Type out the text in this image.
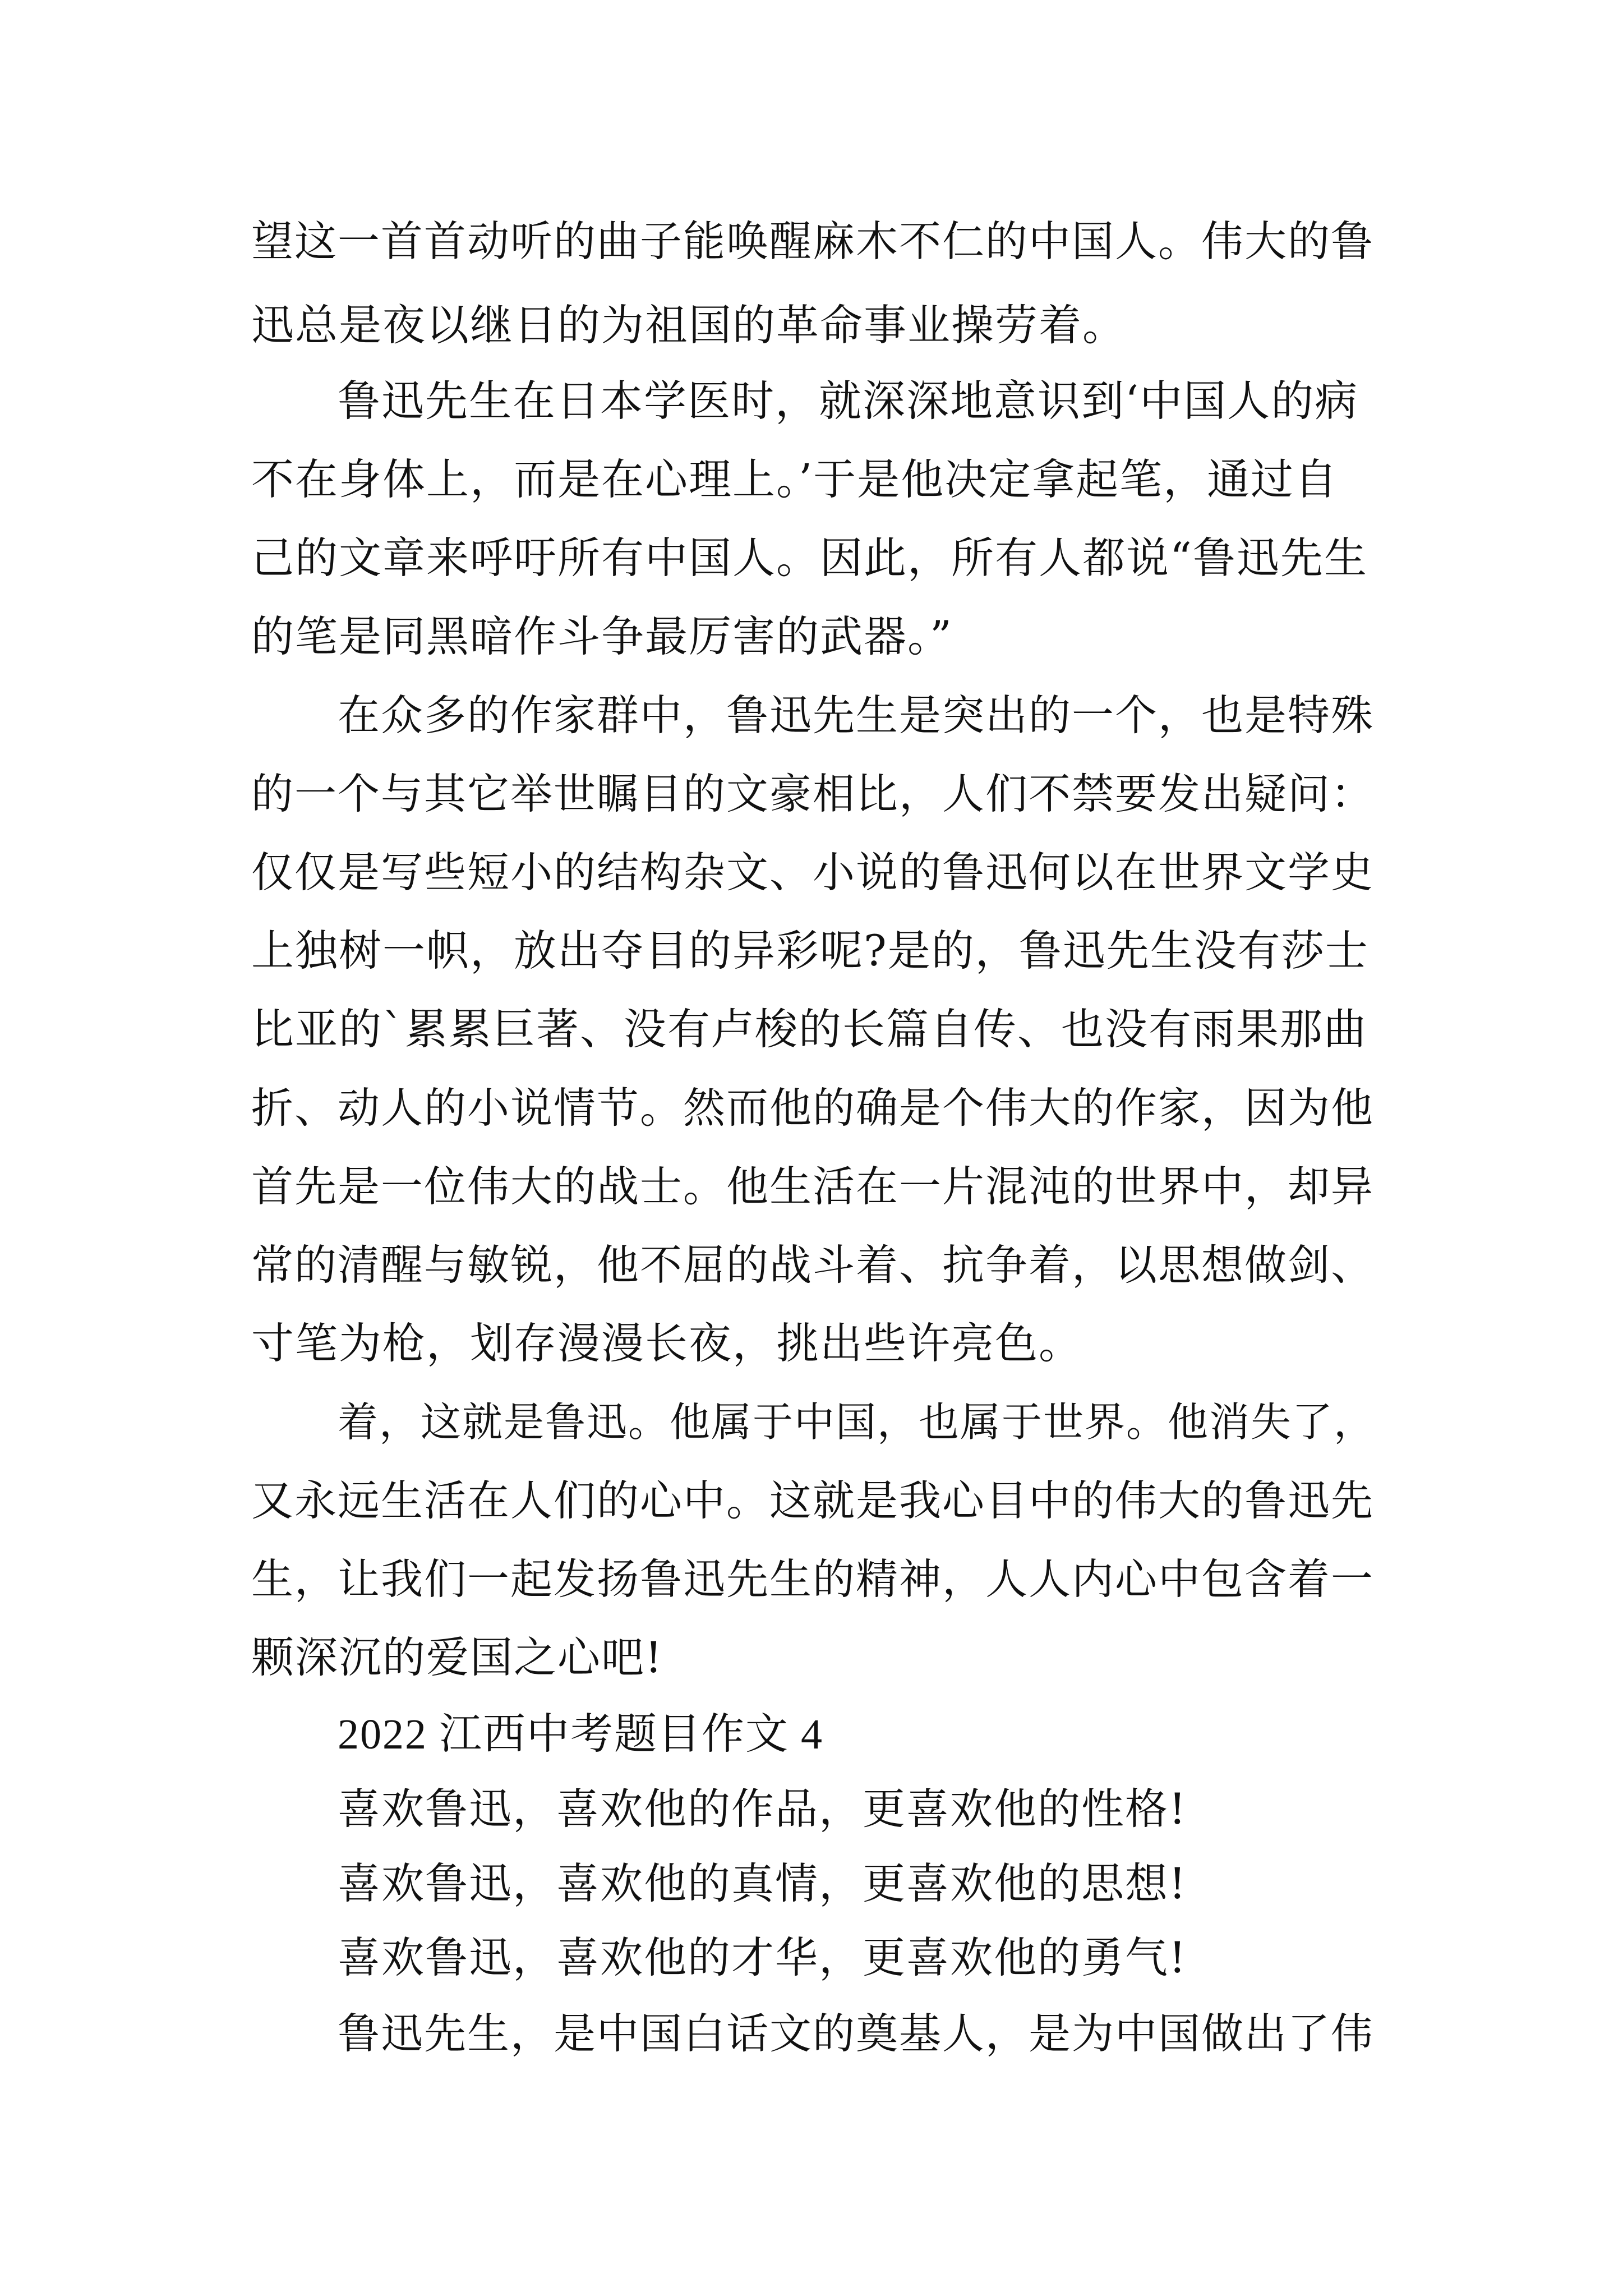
望这一首首动听的曲子能唤醒麻木不仁的中国人。伟大的鲁
迅总是夜以继日的为祖国的革命事业操劳着。
鲁迅先生在日本学医时，就深深地意识到‘中国人的病
不在身体上，而是在心理上。’于是他决定拿起笔，通过自
己的文章来呼吁所有中国人。因此，所有人都说“鲁迅先生
的笔是同黑暗作斗争最厉害的武器。”
在众多的作家群中，鲁迅先生是突出的一个，也是特殊
的一个与其它举世瞩目的文豪相比，人们不禁要发出疑问：
仅仅是写些短小的结构杂文、小说的鲁迅何以在世界文学史
上独树一帜，放出夺目的异彩呢?是的，鲁迅先生没有莎士
比亚的`累累巨著、没有卢梭的长篇自传、也没有雨果那曲
折、动人的小说情节。然而他的确是个伟大的作家，因为他
首先是一位伟大的战士。他生活在一片混沌的世界中，却异
常的清醒与敏锐，他不屈的战斗着、抗争着，以思想做剑、
寸笔为枪，划存漫漫长夜，挑出些许亮色。
着，这就是鲁迅。他属于中国，也属于世界。他消失了，
又永远生活在人们的心中。这就是我心目中的伟大的鲁迅先
生，让我们一起发扬鲁迅先生的精神，人人内心中包含着一
颗深沉的爱国之心吧!
2022 江西中考题目作文 4
喜欢鲁迅，喜欢他的作品，更喜欢他的性格!
喜欢鲁迅，喜欢他的真情，更喜欢他的思想!
喜欢鲁迅，喜欢他的才华，更喜欢他的勇气!
鲁迅先生，是中国白话文的奠基人，是为中国做出了伟
